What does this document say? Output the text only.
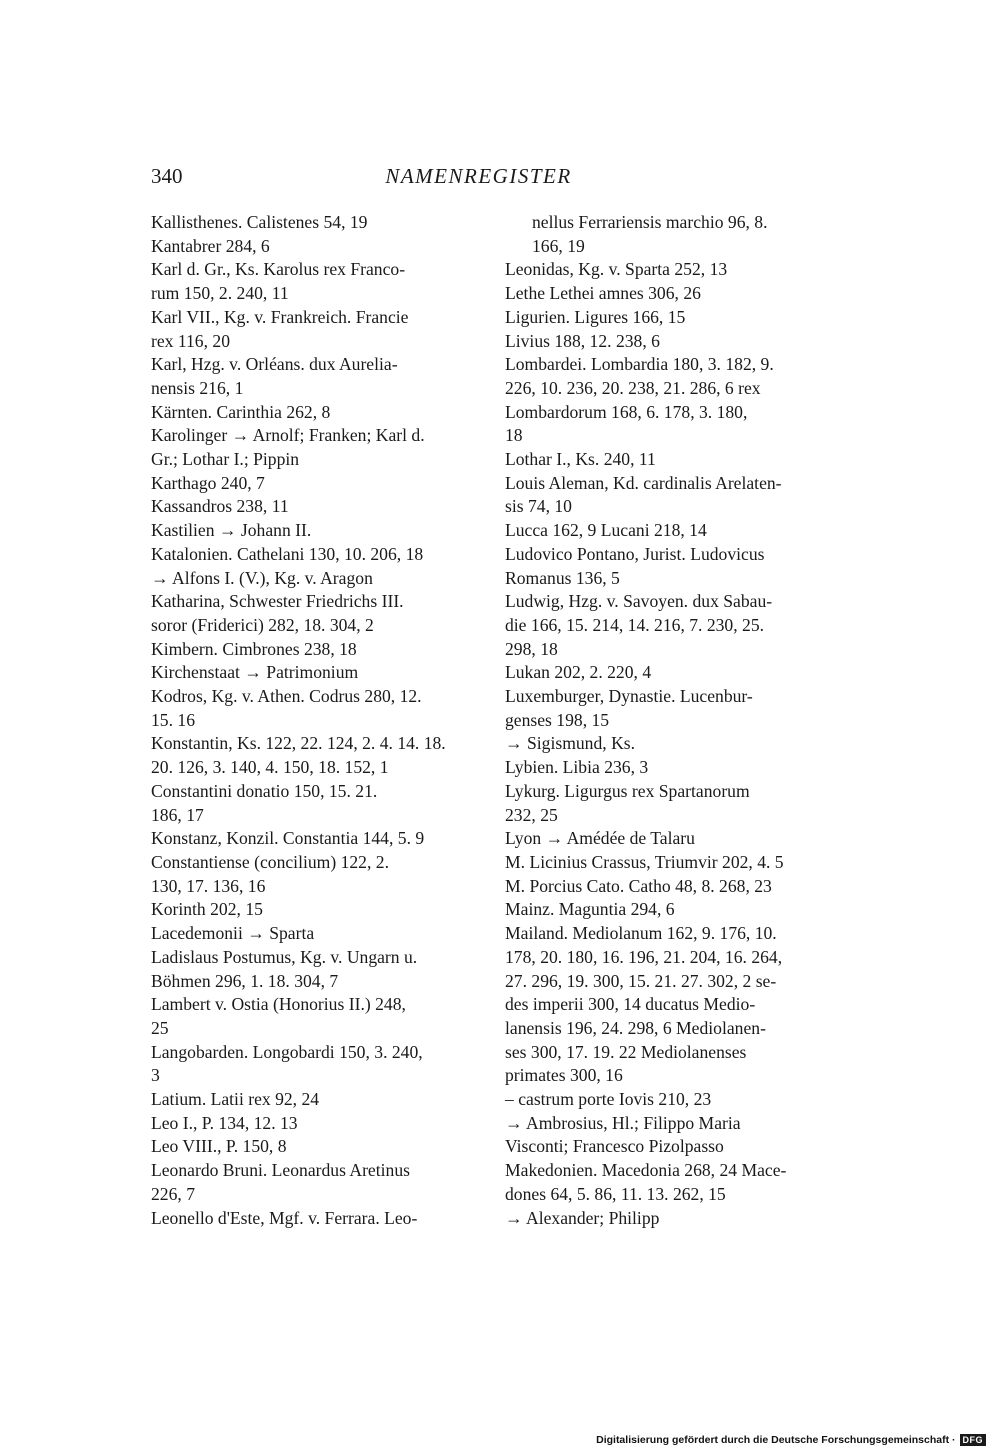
340	NAMENREGISTER
Kallisthenes. Calistenes 54, 19
Kantabrer 284, 6
Karl d. Gr., Ks. Karolus rex Franco-
rum 150, 2. 240, 11
Karl VII., Kg. v. Frankreich. Francie
rex 116, 20
Karl, Hzg. v. Orléans. dux Aurelia-
nensis 216, 1
Kärnten. Carinthia 262, 8
Karolinger → Arnolf; Franken; Karl d.
Gr.; Lothar I.; Pippin
Karthago 240, 7
Kassandros 238, 11
Kastilien → Johann II.
Katalonien. Cathelani 130, 10. 206, 18
→ Alfons I. (V.), Kg. v. Aragon
Katharina, Schwester Friedrichs III.
soror (Friderici) 282, 18. 304, 2
Kimbern. Cimbrones 238, 18
Kirchenstaat → Patrimonium
Kodros, Kg. v. Athen. Codrus 280, 12.
15. 16
Konstantin, Ks. 122, 22. 124, 2. 4. 14. 18.
20. 126, 3. 140, 4. 150, 18. 152, 1
Constantini donatio 150, 15. 21.
186, 17
Konstanz, Konzil. Constantia 144, 5. 9
Constantiense (concilium) 122, 2.
130, 17. 136, 16
Korinth 202, 15
Lacedemonii → Sparta
Ladislaus Postumus, Kg. v. Ungarn u.
Böhmen 296, 1. 18. 304, 7
Lambert v. Ostia (Honorius II.) 248,
25
Langobarden. Longobardi 150, 3. 240,
3
Latium. Latii rex 92, 24
Leo I., P. 134, 12. 13
Leo VIII., P. 150, 8
Leonardo Bruni. Leonardus Aretinus
226, 7
Leonello d'Este, Mgf. v. Ferrara. Leo-
nellus Ferrariensis marchio 96, 8.
166, 19
Leonidas, Kg. v. Sparta 252, 13
Lethe Lethei amnes 306, 26
Ligurien. Ligures 166, 15
Livius 188, 12. 238, 6
Lombardei. Lombardia 180, 3. 182, 9.
226, 10. 236, 20. 238, 21. 286, 6 rex
Lombardorum 168, 6. 178, 3. 180,
18
Lothar I., Ks. 240, 11
Louis Aleman, Kd. cardinalis Arelaten-
sis 74, 10
Lucca 162, 9 Lucani 218, 14
Ludovico Pontano, Jurist. Ludovicus
Romanus 136, 5
Ludwig, Hzg. v. Savoyen. dux Sabau-
die 166, 15. 214, 14. 216, 7. 230, 25.
298, 18
Lukan 202, 2. 220, 4
Luxemburger, Dynastie. Lucenbur-
genses 198, 15
→ Sigismund, Ks.
Lybien. Libia 236, 3
Lykurg. Ligurgus rex Spartanorum
232, 25
Lyon → Amédée de Talaru
M. Licinius Crassus, Triumvir 202, 4. 5
M. Porcius Cato. Catho 48, 8. 268, 23
Mainz. Maguntia 294, 6
Mailand. Mediolanum 162, 9. 176, 10.
178, 20. 180, 16. 196, 21. 204, 16. 264,
27. 296, 19. 300, 15. 21. 27. 302, 2 se-
des imperii 300, 14 ducatus Medio-
lanensis 196, 24. 298, 6 Mediolanen-
ses 300, 17. 19. 22 Mediolanenses
primates 300, 16
– castrum porte Iovis 210, 23
→ Ambrosius, Hl.; Filippo Maria
Visconti; Francesco Pizolpasso
Makedonien. Macedonia 268, 24 Mace-
dones 64, 5. 86, 11. 13. 262, 15
→ Alexander; Philipp
Digitalisierung gefördert durch die Deutsche Forschungsgemeinschaft · DFG
